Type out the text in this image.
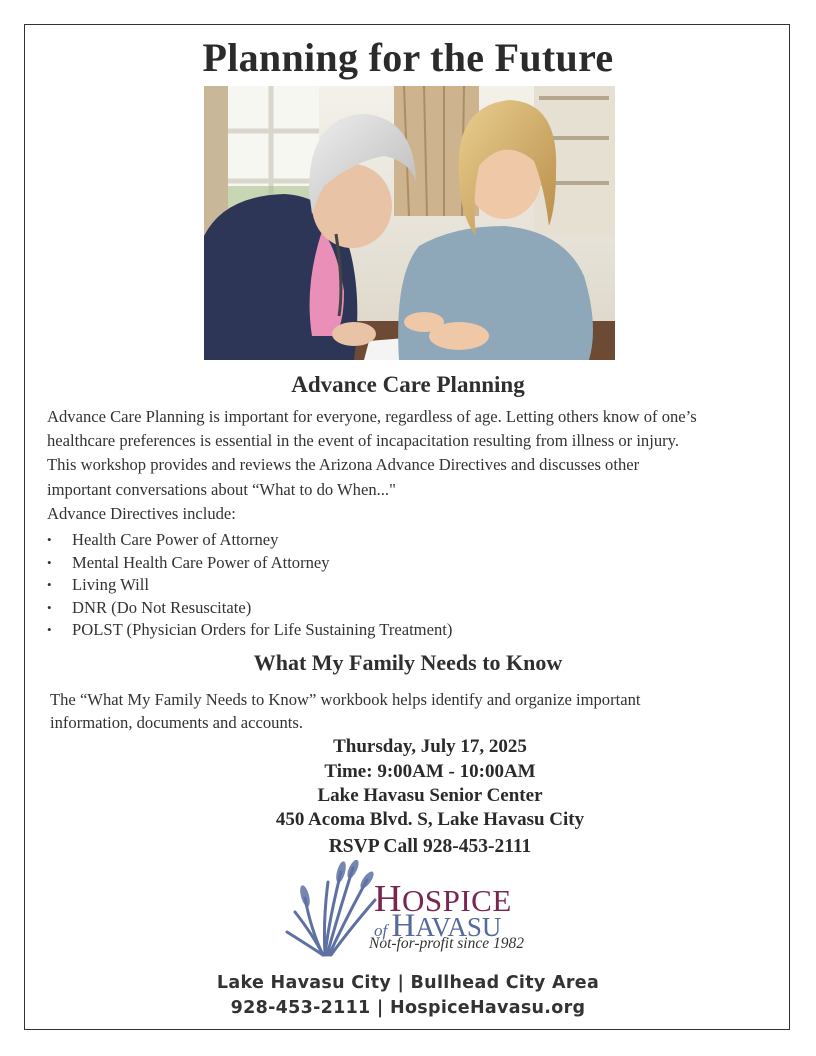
Planning for the Future
Advance Care Planning
Advance Care Planning is important for everyone, regardless of age. Letting others know of one’s
healthcare preferences is essential in the event of incapacitation resulting from illness or injury.
This workshop provides and reviews the Arizona Advance Directives and discusses other
important conversations about “What to do When..."
Advance Directives include:
• Health Care Power of Attorney
• Mental Health Care Power of Attorney
• Living Will
• DNR (Do Not Resuscitate)
• POLST (Physician Orders for Life Sustaining Treatment)
What My Family Needs to Know
The “What My Family Needs to Know” workbook helps identify and organize important
information, documents and accounts.
Thursday, July 17, 2025
Time: 9:00AM - 10:00AM
Lake Havasu Senior Center
450 Acoma Blvd. S, Lake Havasu City
RSVP Call 928-453-2111
HOSPICE
of HAVASU
Not-for-profit since 1982
Lake Havasu City | Bullhead City Area
928-453-2111 | HospiceHavasu.org
